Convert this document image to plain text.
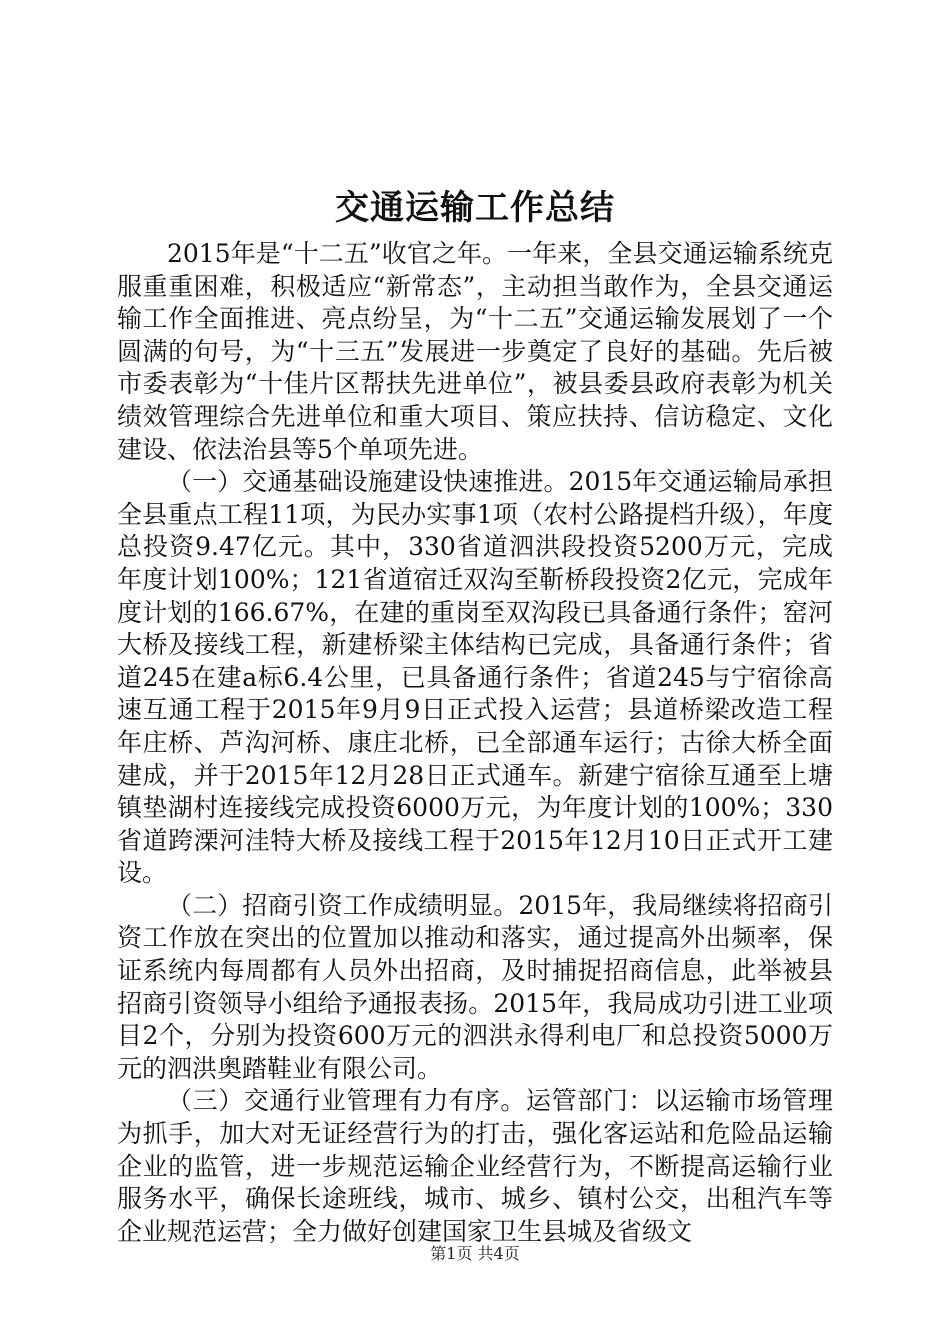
交通运输工作总结

2015年是“十二五”收官之年。一年来，全县交通运输系统克服重重困难，积极适应“新常态”，主动担当敢作为，全县交通运输工作全面推进、亮点纷呈，为“十二五”交通运输发展划了一个圆满的句号，为“十三五”发展进一步奠定了良好的基础。先后被市委表彰为“十佳片区帮扶先进单位”，被县委县政府表彰为机关绩效管理综合先进单位和重大项目、策应扶持、信访稳定、文化建设、依法治县等5个单项先进。

（一）交通基础设施建设快速推进。2015年交通运输局承担全县重点工程11项，为民办实事1项（农村公路提档升级），年度总投资9.47亿元。其中，330省道泗洪段投资5200万元，完成年度计划100%；121省道宿迁双沟至靳桥段投资2亿元，完成年度计划的166.67%，在建的重岗至双沟段已具备通行条件；窑河大桥及接线工程，新建桥梁主体结构已完成，具备通行条件；省道245在建a标6.4公里，已具备通行条件；省道245与宁宿徐高速互通工程于2015年9月9日正式投入运营；县道桥梁改造工程年庄桥、芦沟河桥、康庄北桥，已全部通车运行；古徐大桥全面建成，并于2015年12月28日正式通车。新建宁宿徐互通至上塘镇垫湖村连接线完成投资6000万元，为年度计划的100%；330省道跨溧河洼特大桥及接线工程于2015年12月10日正式开工建设。

（二）招商引资工作成绩明显。2015年，我局继续将招商引资工作放在突出的位置加以推动和落实，通过提高外出频率，保证系统内每周都有人员外出招商，及时捕捉招商信息，此举被县招商引资领导小组给予通报表扬。2015年，我局成功引进工业项目2个，分别为投资600万元的泗洪永得利电厂和总投资5000万元的泗洪奥踏鞋业有限公司。

（三）交通行业管理有力有序。运管部门：以运输市场管理为抓手，加大对无证经营行为的打击，强化客运站和危险品运输企业的监管，进一步规范运输企业经营行为，不断提高运输行业服务水平，确保长途班线，城市、城乡、镇村公交，出租汽车等企业规范运营；全力做好创建国家卫生县城及省级文

第1页 共4页
